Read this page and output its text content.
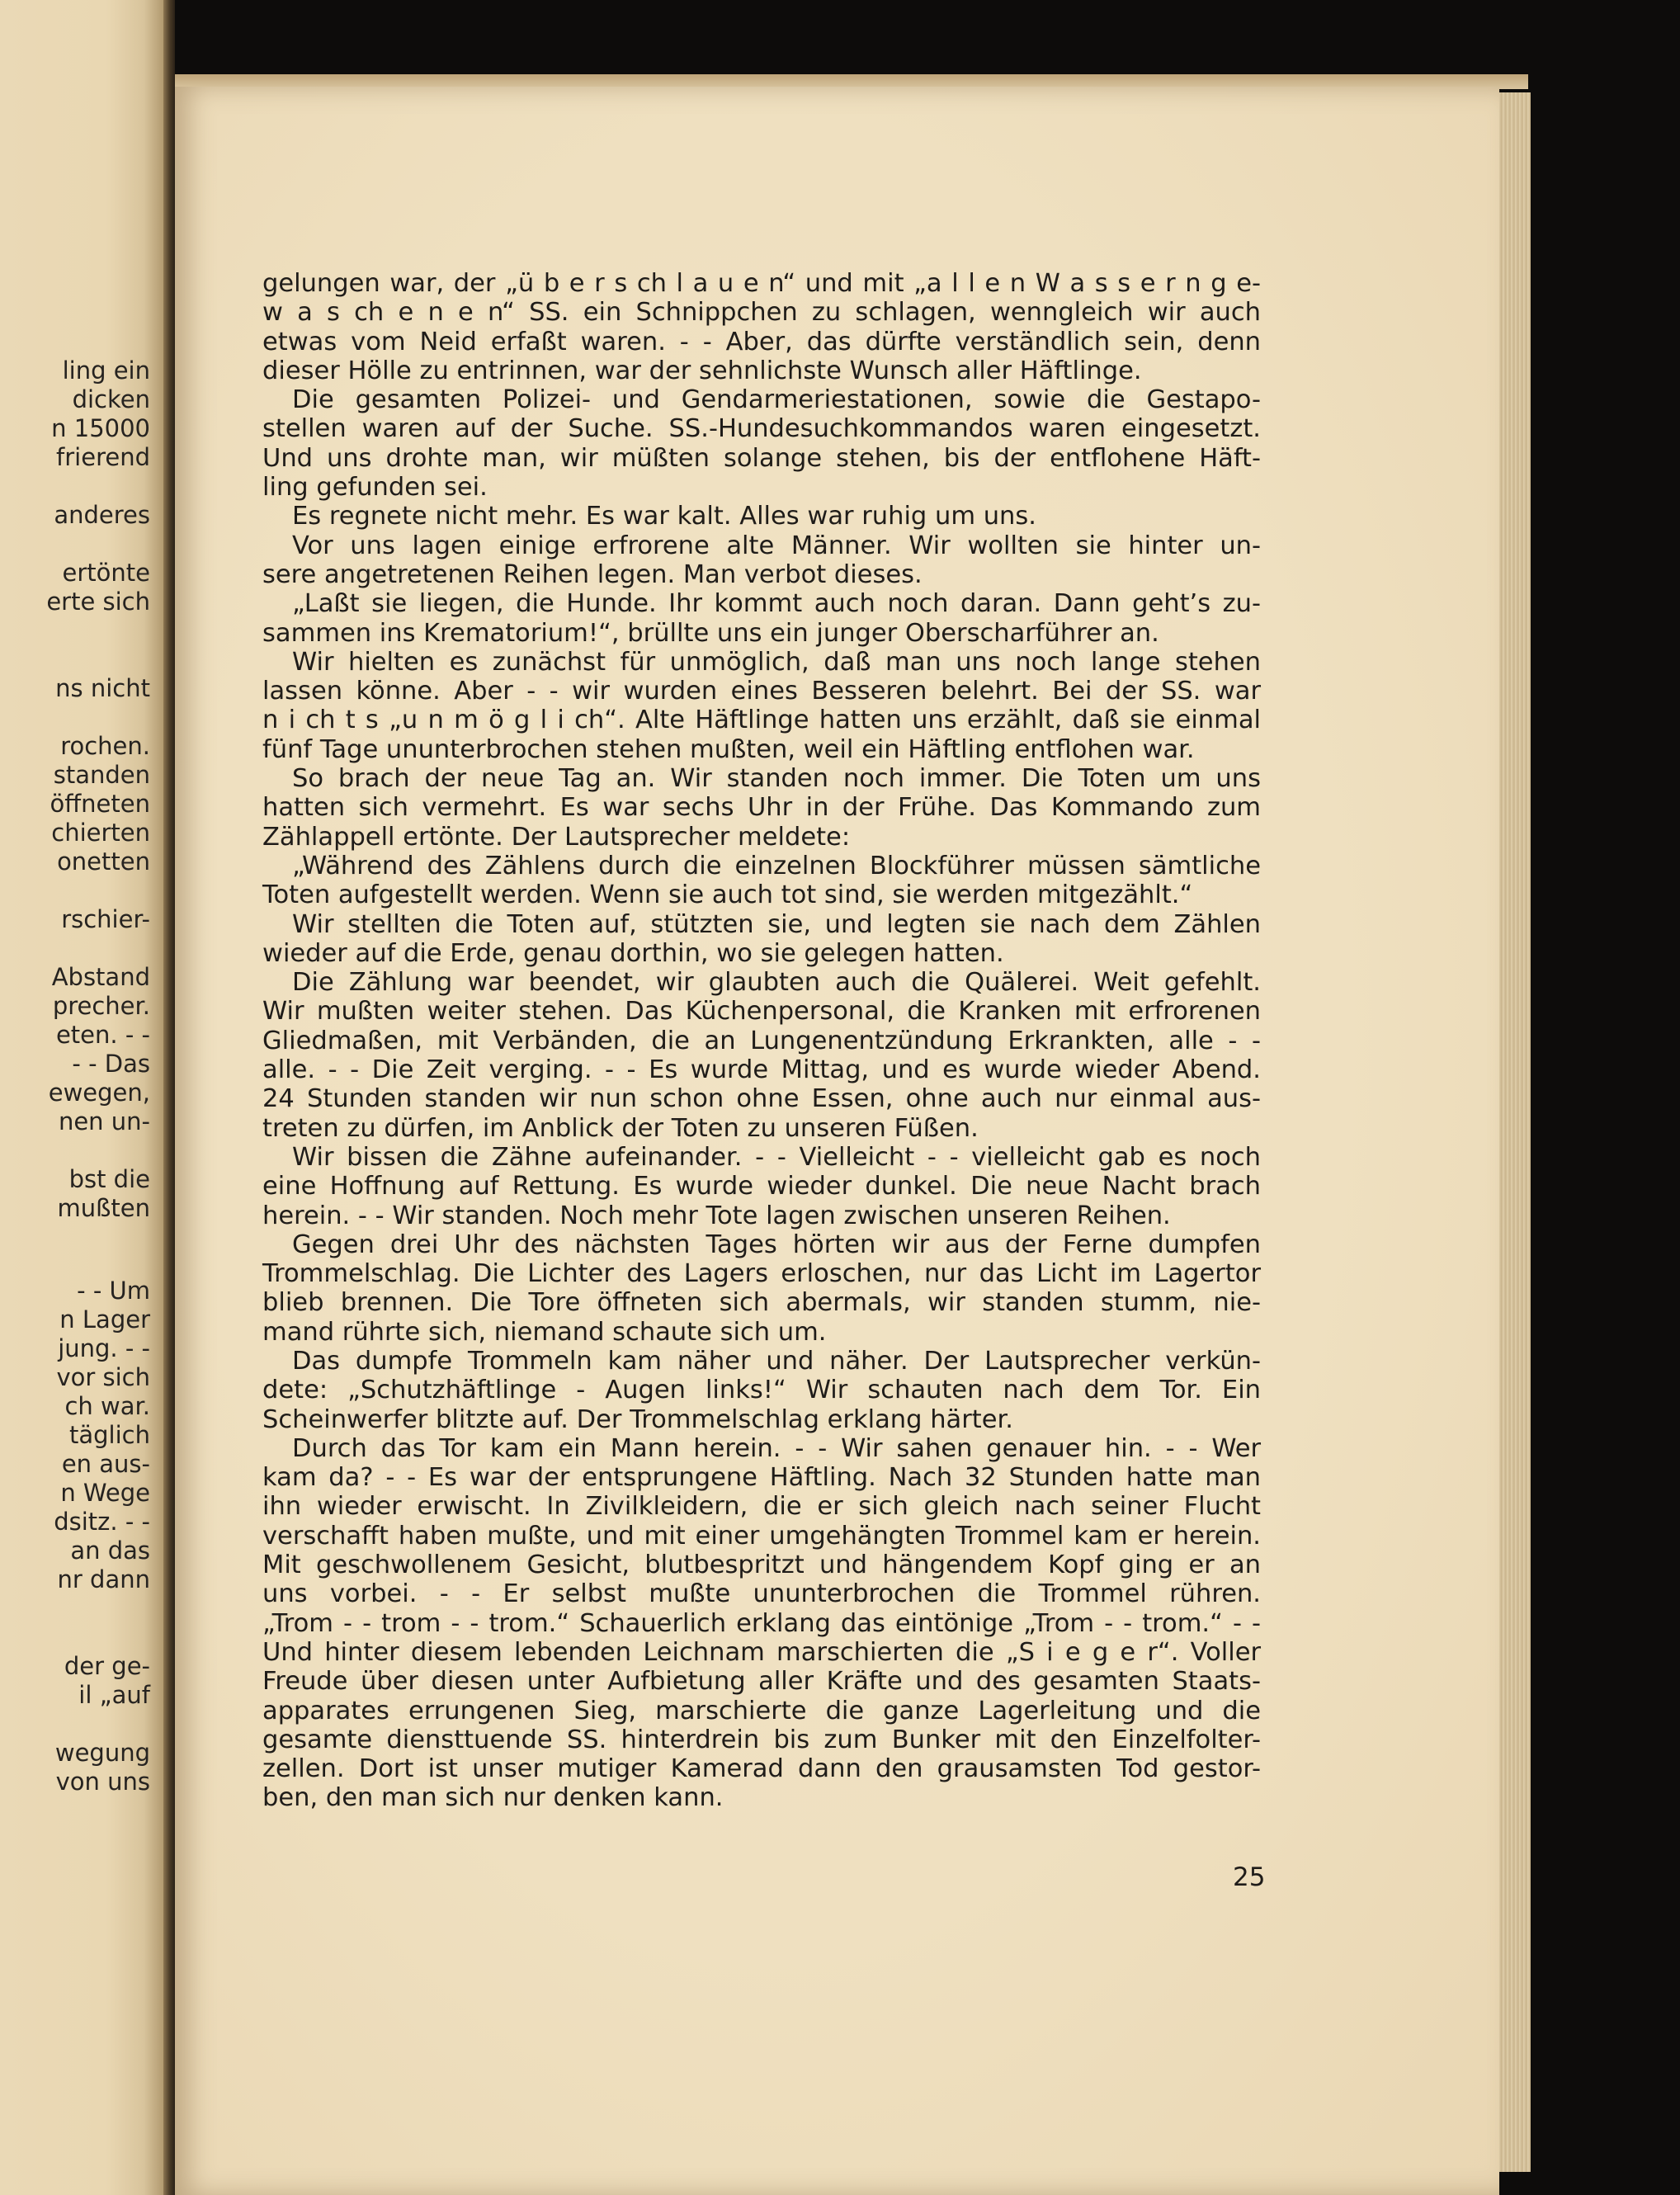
ling ein
dicken
n 15000
frierend
anderes
ertönte
erte sich
ns nicht
rochen.
standen
öffneten
chierten
onetten
rschier-
Abstand
precher.
eten. - -
- - Das
ewegen,
nen un-
bst die
mußten
- - Um
n Lager
jung. - -
vor sich
ch war.
täglich
en aus-
n Wege
dsitz. - -
an das
nr dann
der ge-
il „auf
wegung
von uns
gelungen war, der „ü b e r s ch l a u e n“ und mit „a l l e n W a s s e r n g e-
w a s ch e n e n“ SS. ein Schnippchen zu schlagen, wenngleich wir auch
etwas vom Neid erfaßt waren. - - Aber, das dürfte verständlich sein, denn
dieser Hölle zu entrinnen, war der sehnlichste Wunsch aller Häftlinge.
Die gesamten Polizei- und Gendarmeriestationen, sowie die Gestapo-
stellen waren auf der Suche. SS.-Hundesuchkommandos waren eingesetzt.
Und uns drohte man, wir müßten solange stehen, bis der entflohene Häft-
ling gefunden sei.
Es regnete nicht mehr. Es war kalt. Alles war ruhig um uns.
Vor uns lagen einige erfrorene alte Männer. Wir wollten sie hinter un-
sere angetretenen Reihen legen. Man verbot dieses.
„Laßt sie liegen, die Hunde. Ihr kommt auch noch daran. Dann geht’s zu-
sammen ins Krematorium!“, brüllte uns ein junger Oberscharführer an.
Wir hielten es zunächst für unmöglich, daß man uns noch lange stehen
lassen könne. Aber - - wir wurden eines Besseren belehrt. Bei der SS. war
n i ch t s „u n m ö g l i ch“. Alte Häftlinge hatten uns erzählt, daß sie einmal
fünf Tage ununterbrochen stehen mußten, weil ein Häftling entflohen war.
So brach der neue Tag an. Wir standen noch immer. Die Toten um uns
hatten sich vermehrt. Es war sechs Uhr in der Frühe. Das Kommando zum
Zählappell ertönte. Der Lautsprecher meldete:
„Während des Zählens durch die einzelnen Blockführer müssen sämtliche
Toten aufgestellt werden. Wenn sie auch tot sind, sie werden mitgezählt.“
Wir stellten die Toten auf, stützten sie, und legten sie nach dem Zählen
wieder auf die Erde, genau dorthin, wo sie gelegen hatten.
Die Zählung war beendet, wir glaubten auch die Quälerei. Weit gefehlt.
Wir mußten weiter stehen. Das Küchenpersonal, die Kranken mit erfrorenen
Gliedmaßen, mit Verbänden, die an Lungenentzündung Erkrankten, alle - -
alle. - - Die Zeit verging. - - Es wurde Mittag, und es wurde wieder Abend.
24 Stunden standen wir nun schon ohne Essen, ohne auch nur einmal aus-
treten zu dürfen, im Anblick der Toten zu unseren Füßen.
Wir bissen die Zähne aufeinander. - - Vielleicht - - vielleicht gab es noch
eine Hoffnung auf Rettung. Es wurde wieder dunkel. Die neue Nacht brach
herein. - - Wir standen. Noch mehr Tote lagen zwischen unseren Reihen.
Gegen drei Uhr des nächsten Tages hörten wir aus der Ferne dumpfen
Trommelschlag. Die Lichter des Lagers erloschen, nur das Licht im Lagertor
blieb brennen. Die Tore öffneten sich abermals, wir standen stumm, nie-
mand rührte sich, niemand schaute sich um.
Das dumpfe Trommeln kam näher und näher. Der Lautsprecher verkün-
dete: „Schutzhäftlinge - Augen links!“ Wir schauten nach dem Tor. Ein
Scheinwerfer blitzte auf. Der Trommelschlag erklang härter.
Durch das Tor kam ein Mann herein. - - Wir sahen genauer hin. - - Wer
kam da? - - Es war der entsprungene Häftling. Nach 32 Stunden hatte man
ihn wieder erwischt. In Zivilkleidern, die er sich gleich nach seiner Flucht
verschafft haben mußte, und mit einer umgehängten Trommel kam er herein.
Mit geschwollenem Gesicht, blutbespritzt und hängendem Kopf ging er an
uns vorbei. - - Er selbst mußte ununterbrochen die Trommel rühren.
„Trom - - trom - - trom.“ Schauerlich erklang das eintönige „Trom - - trom.“ - -
Und hinter diesem lebenden Leichnam marschierten die „S i e g e r“. Voller
Freude über diesen unter Aufbietung aller Kräfte und des gesamten Staats-
apparates errungenen Sieg, marschierte die ganze Lagerleitung und die
gesamte diensttuende SS. hinterdrein bis zum Bunker mit den Einzelfolter-
zellen. Dort ist unser mutiger Kamerad dann den grausamsten Tod gestor-
ben, den man sich nur denken kann.
25
